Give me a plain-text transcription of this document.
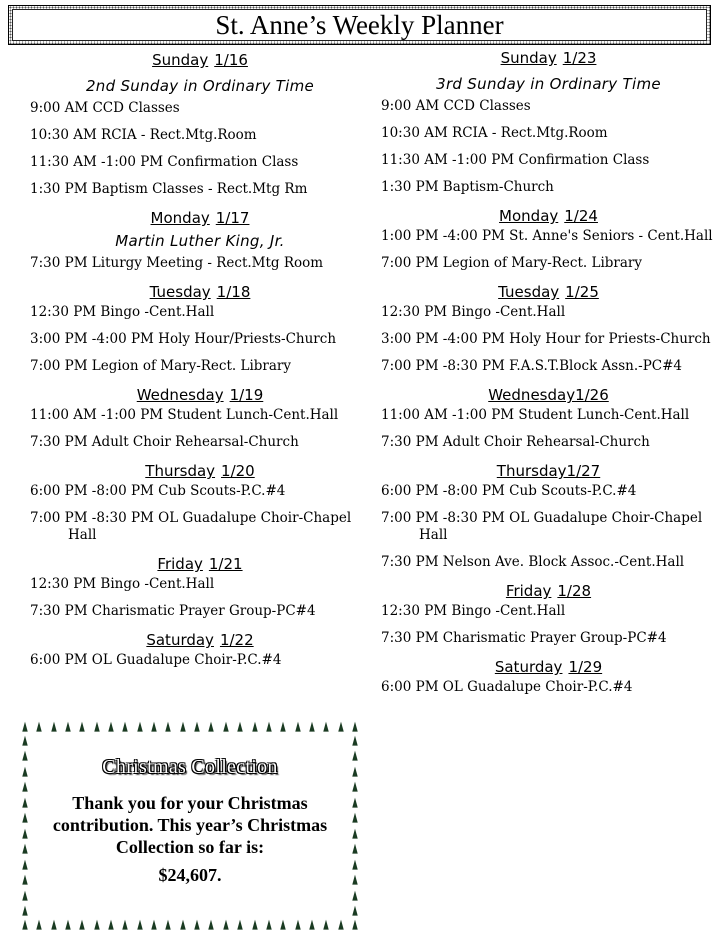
St. Anne’s Weekly Planner
Sunday 1/16
2nd Sunday in Ordinary Time
9:00 AM CCD Classes
10:30 AM RCIA - Rect.Mtg.Room
11:30 AM -1:00 PM Confirmation Class
1:30 PM Baptism Classes - Rect.Mtg Rm
Monday 1/17
Martin Luther King, Jr.
7:30 PM Liturgy Meeting - Rect.Mtg Room
Tuesday 1/18
12:30 PM Bingo -Cent.Hall
3:00 PM -4:00 PM Holy Hour/Priests-Church
7:00 PM Legion of Mary-Rect. Library
Wednesday 1/19
11:00 AM -1:00 PM Student Lunch-Cent.Hall
7:30 PM Adult Choir Rehearsal-Church
Thursday 1/20
6:00 PM -8:00 PM Cub Scouts-P.C.#4
7:00 PM -8:30 PM OL Guadalupe Choir-Chapel Hall
Friday 1/21
12:30 PM Bingo -Cent.Hall
7:30 PM Charismatic Prayer Group-PC#4
Saturday 1/22
6:00 PM OL Guadalupe Choir-P.C.#4
Sunday 1/23
3rd Sunday in Ordinary Time
9:00 AM CCD Classes
10:30 AM RCIA - Rect.Mtg.Room
11:30 AM -1:00 PM Confirmation Class
1:30 PM Baptism-Church
Monday 1/24
1:00 PM -4:00 PM St. Anne's Seniors - Cent.Hall
7:00 PM Legion of Mary-Rect. Library
Tuesday 1/25
12:30 PM Bingo -Cent.Hall
3:00 PM -4:00 PM Holy Hour for Priests-Church
7:00 PM -8:30 PM F.A.S.T.Block Assn.-PC#4
Wednesday1/26
11:00 AM -1:00 PM Student Lunch-Cent.Hall
7:30 PM Adult Choir Rehearsal-Church
Thursday1/27
6:00 PM -8:00 PM Cub Scouts-P.C.#4
7:00 PM -8:30 PM OL Guadalupe Choir-Chapel Hall
7:30 PM Nelson Ave. Block Assoc.-Cent.Hall
Friday 1/28
12:30 PM Bingo -Cent.Hall
7:30 PM Charismatic Prayer Group-PC#4
Saturday 1/29
6:00 PM OL Guadalupe Choir-P.C.#4
▲ ▲ ▲ ▲ ▲ ▲ ▲ ▲ ▲ ▲ ▲ ▲ ▲ ▲ ▲ ▲ ▲ ▲ ▲ ▲ ▲ ▲ ▲ ▲
▲ ▲ ▲ ▲ ▲ ▲ ▲ ▲ ▲ ▲ ▲ ▲ ▲ ▲ ▲ ▲ ▲ ▲ ▲ ▲ ▲ ▲ ▲ ▲
▲
▲
▲
▲
▲
▲
▲
▲
▲
▲
▲
▲
▲
▲
▲
▲
▲
▲
▲
▲
▲
▲
▲
▲
Christmas Collection
Thank you for your Christmas contribution. This year’s Christmas Collection so far is:
$24,607.
